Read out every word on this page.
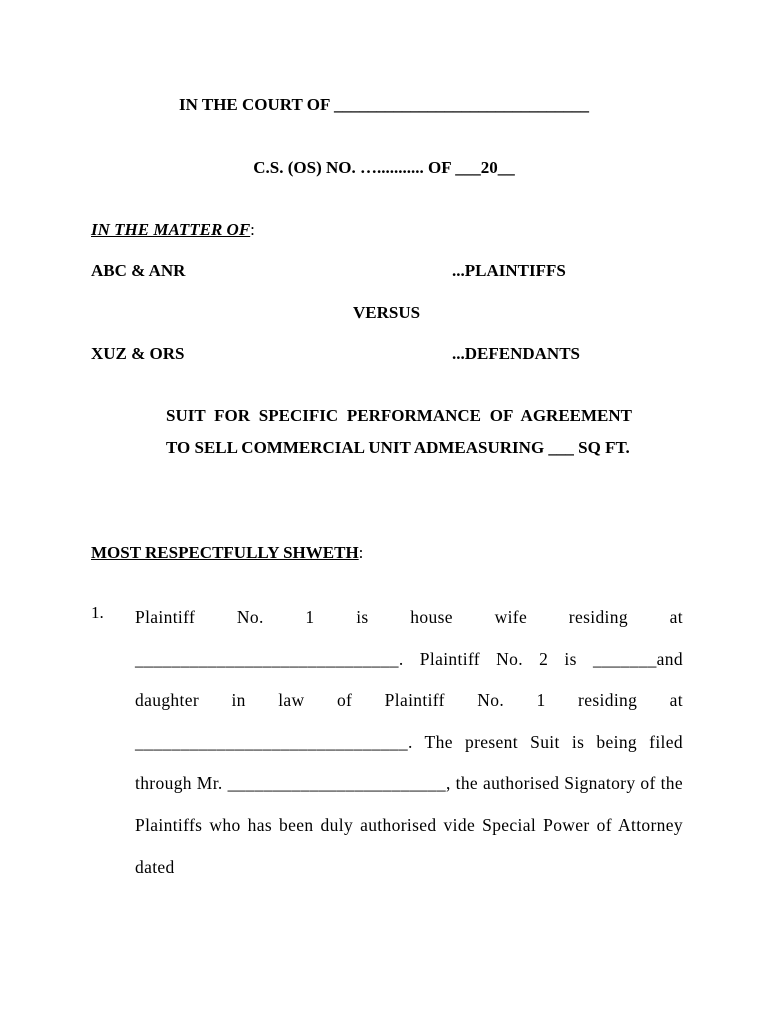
IN THE COURT OF ______________________________
C.S. (OS) NO. …........... OF ___20__
IN THE MATTER OF:
ABC & ANR	...PLAINTIFFS
VERSUS
XUZ & ORS	...DEFENDANTS
SUIT FOR SPECIFIC PERFORMANCE OF AGREEMENT TO SELL COMMERCIAL UNIT ADMEASURING ___ SQ FT.
MOST RESPECTFULLY SHWETH:
1. Plaintiff No. 1 is house wife residing at _____________________________. Plaintiff No. 2 is _______and daughter in law of Plaintiff No. 1 residing at ______________________________. The present Suit is being filed through Mr. ________________________, the authorised Signatory of the Plaintiffs who has been duly authorised vide Special Power of Attorney dated
